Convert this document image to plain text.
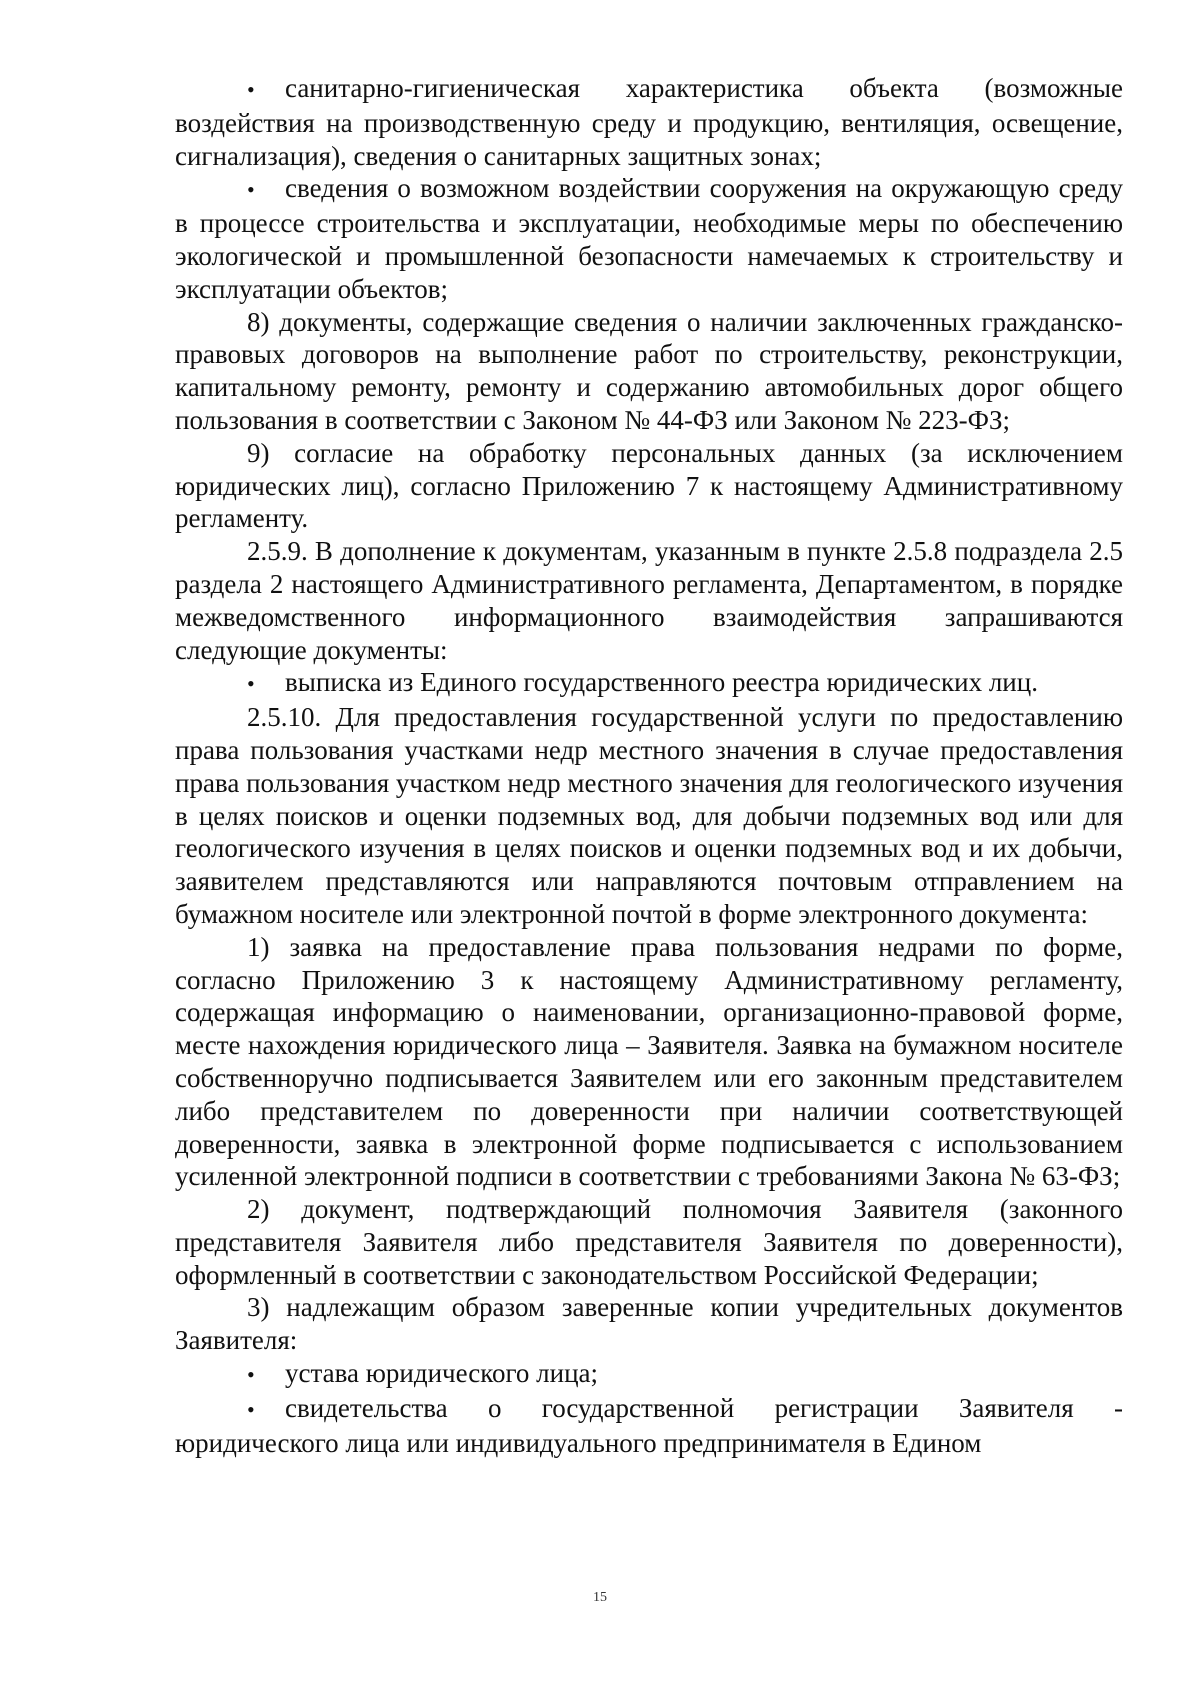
• санитарно-гигиеническая характеристика объекта (возможные воздействия на производственную среду и продукцию, вентиляция, освещение, сигнализация), сведения о санитарных защитных зонах;

• сведения о возможном воздействии сооружения на окружающую среду в процессе строительства и эксплуатации, необходимые меры по обеспечению экологической и промышленной безопасности намечаемых к строительству и эксплуатации объектов;

8) документы, содержащие сведения о наличии заключенных гражданско-правовых договоров на выполнение работ по строительству, реконструкции, капитальному ремонту, ремонту и содержанию автомобильных дорог общего пользования в соответствии с Законом № 44-ФЗ или Законом № 223-ФЗ;

9) согласие на обработку персональных данных (за исключением юридических лиц), согласно Приложению 7 к настоящему Административному регламенту.

2.5.9. В дополнение к документам, указанным в пункте 2.5.8 подраздела 2.5 раздела 2 настоящего Административного регламента, Департаментом, в порядке межведомственного информационного взаимодействия запрашиваются следующие документы:

• выписка из Единого государственного реестра юридических лиц.

2.5.10. Для предоставления государственной услуги по предоставлению права пользования участками недр местного значения в случае предоставления права пользования участком недр местного значения для геологического изучения в целях поисков и оценки подземных вод, для добычи подземных вод или для геологического изучения в целях поисков и оценки подземных вод и их добычи, заявителем представляются или направляются почтовым отправлением на бумажном носителе или электронной почтой в форме электронного документа:

1) заявка на предоставление права пользования недрами по форме, согласно Приложению 3 к настоящему Административному регламенту, содержащая информацию о наименовании, организационно-правовой форме, месте нахождения юридического лица – Заявителя. Заявка на бумажном носителе собственноручно подписывается Заявителем или его законным представителем либо представителем по доверенности при наличии соответствующей доверенности, заявка в электронной форме подписывается с использованием усиленной электронной подписи в соответствии с требованиями Закона № 63-ФЗ;

2) документ, подтверждающий полномочия Заявителя (законного представителя Заявителя либо представителя Заявителя по доверенности), оформленный в соответствии с законодательством Российской Федерации;

3) надлежащим образом заверенные копии учредительных документов Заявителя:

• устава юридического лица;

• свидетельства о государственной регистрации Заявителя - юридического лица или индивидуального предпринимателя в Едином

15
